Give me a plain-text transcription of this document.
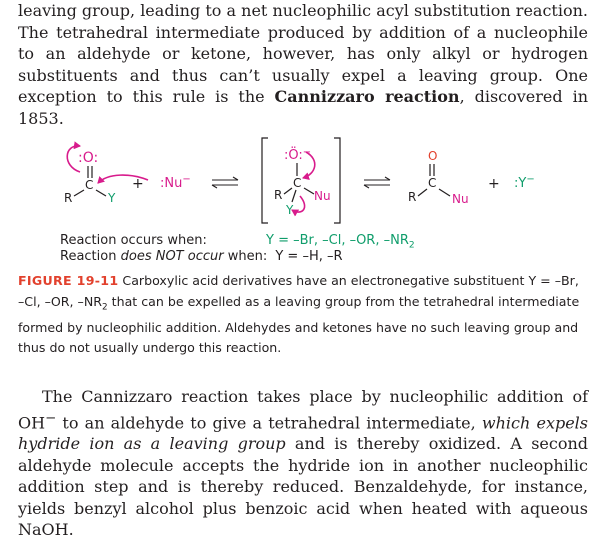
leaving group, leading to a net nucleophilic acyl substitution reaction. The tetrahedral intermediate produced by addition of a nucleophile to an aldehyde or ketone, however, has only alkyl or hydrogen substituents and thus can’t usually expel a leaving group. One exception to this rule is the Cannizzaro reaction, discovered in 1853.

:O:
C
R	Y
+ :Nu−
:Ö:−
C
R	Nu
Y
O
C
R	Nu
+ :Y−
Reaction occurs when:	Y = –Br, –Cl, –OR, $-NR_2$
Reaction does NOT occur when: Y = –H, –R

FIGURE 19-11 Carboxylic acid derivatives have an electronegative substituent Y = –Br, –Cl, –OR, $-NR_2$ that can be expelled as a leaving group from the tetrahedral intermediate formed by nucleophilic addition. Aldehydes and ketones have no such leaving group and thus do not usually undergo this reaction.

The Cannizzaro reaction takes place by nucleophilic addition of OH− to an aldehyde to give a tetrahedral intermediate, which expels hydride ion as a leaving group and is thereby oxidized. A second aldehyde molecule accepts the hydride ion in another nucleophilic addition step and is thereby reduced. Benzaldehyde, for instance, yields benzyl alcohol plus benzoic acid when heated with aqueous NaOH.
